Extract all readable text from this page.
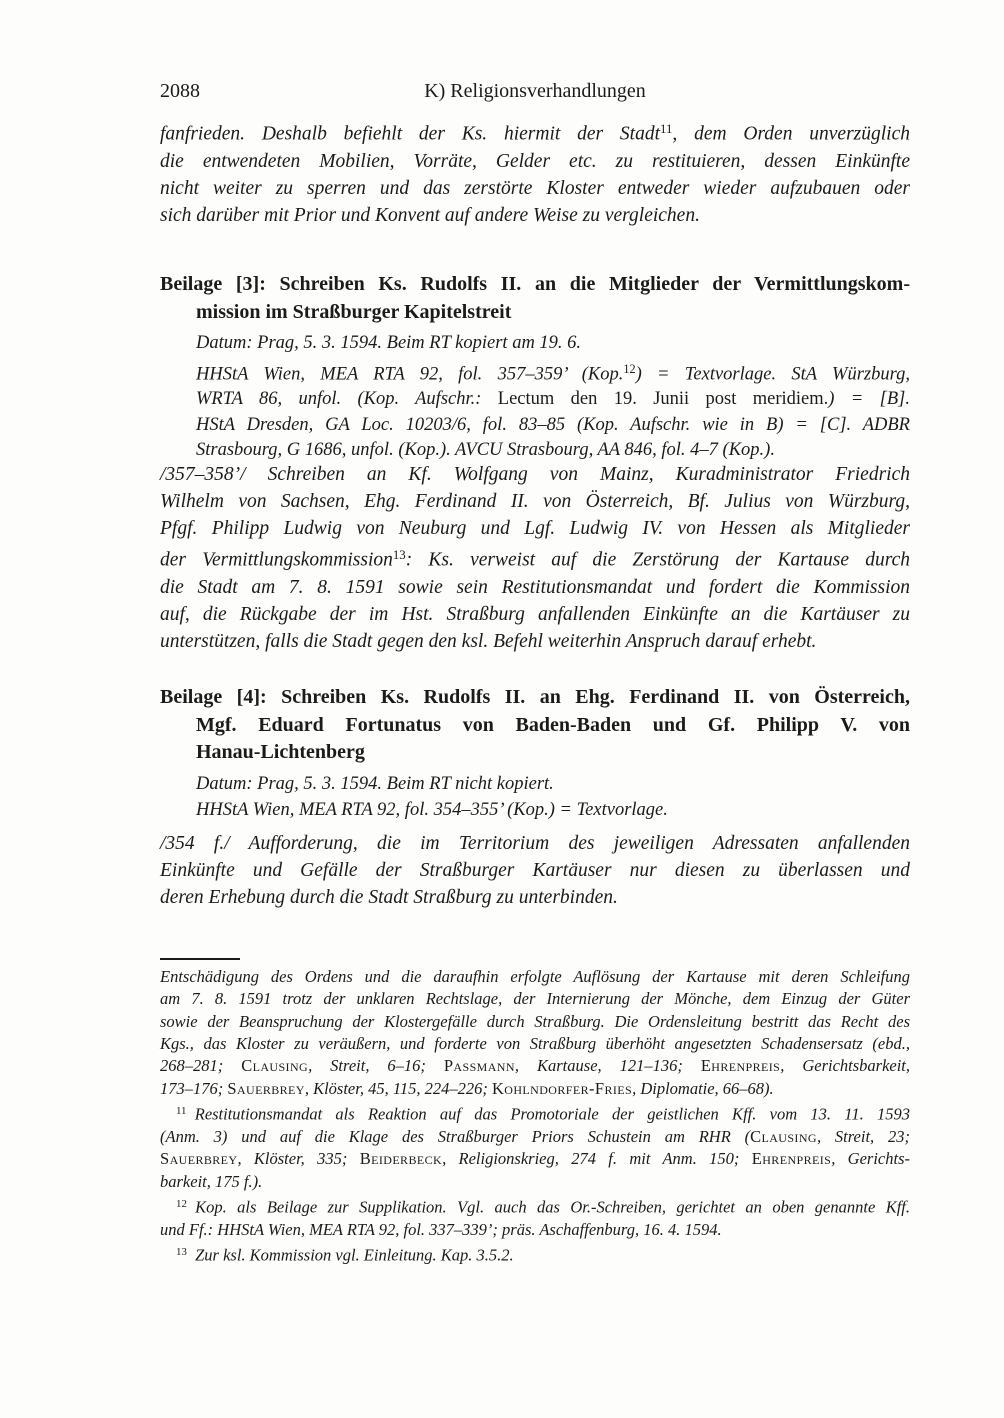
2088	K) Religionsverhandlungen
fanfrieden. Deshalb befiehlt der Ks. hiermit der Stadt$^{11}$, dem Orden unverzüglich
die entwendeten Mobilien, Vorräte, Gelder etc. zu restituieren, dessen Einkünfte
nicht weiter zu sperren und das zerstörte Kloster entweder wieder aufzubauen oder
sich darüber mit Prior und Konvent auf andere Weise zu vergleichen.
Beilage [3]: Schreiben Ks. Rudolfs II. an die Mitglieder der Vermittlungskom-
mission im Straßburger Kapitelstreit
Datum: Prag, 5. 3. 1594. Beim RT kopiert am 19. 6.
HHStA Wien, MEA RTA 92, fol. 357–359’ (Kop.$^{12}$) = Textvorlage. StA Würzburg,
WRTA 86, unfol. (Kop. Aufschr.: Lectum den 19. Junii post meridiem.) = [B].
HStA Dresden, GA Loc. 10203/6, fol. 83–85 (Kop. Aufschr. wie in B) = [C]. ADBR
Strasbourg, G 1686, unfol. (Kop.). AVCU Strasbourg, AA 846, fol. 4–7 (Kop.).
/357–358’/ Schreiben an Kf. Wolfgang von Mainz, Kuradministrator Friedrich
Wilhelm von Sachsen, Ehg. Ferdinand II. von Österreich, Bf. Julius von Würzburg,
Pfgf. Philipp Ludwig von Neuburg und Lgf. Ludwig IV. von Hessen als Mitglieder
der Vermittlungskommission$^{13}$: Ks. verweist auf die Zerstörung der Kartause durch
die Stadt am 7. 8. 1591 sowie sein Restitutionsmandat und fordert die Kommission
auf, die Rückgabe der im Hst. Straßburg anfallenden Einkünfte an die Kartäuser zu
unterstützen, falls die Stadt gegen den ksl. Befehl weiterhin Anspruch darauf erhebt.
Beilage [4]: Schreiben Ks. Rudolfs II. an Ehg. Ferdinand II. von Österreich,
Mgf. Eduard Fortunatus von Baden-Baden und Gf. Philipp V. von
Hanau-Lichtenberg
Datum: Prag, 5. 3. 1594. Beim RT nicht kopiert.
HHStA Wien, MEA RTA 92, fol. 354–355’ (Kop.) = Textvorlage.
/354 f./ Aufforderung, die im Territorium des jeweiligen Adressaten anfallenden
Einkünfte und Gefälle der Straßburger Kartäuser nur diesen zu überlassen und
deren Erhebung durch die Stadt Straßburg zu unterbinden.
Entschädigung des Ordens und die daraufhin erfolgte Auflösung der Kartause mit deren Schleifung
am 7. 8. 1591 trotz der unklaren Rechtslage, der Internierung der Mönche, dem Einzug der Güter
sowie der Beanspruchung der Klostergefälle durch Straßburg. Die Ordensleitung bestritt das Recht des
Kgs., das Kloster zu veräußern, und forderte von Straßburg überhöht angesetzten Schadensersatz (ebd.,
268–281; Clausing, Streit, 6–16; Passmann, Kartause, 121–136; Ehrenpreis, Gerichtsbarkeit,
173–176; Sauerbrey, Klöster, 45, 115, 224–226; Kohlndorfer-Fries, Diplomatie, 66–68).
$^{11}$ Restitutionsmandat als Reaktion auf das Promotoriale der geistlichen Kff. vom 13. 11. 1593
(Anm. 3) und auf die Klage des Straßburger Priors Schustein am RHR (Clausing, Streit, 23;
Sauerbrey, Klöster, 335; Beiderbeck, Religionskrieg, 274 f. mit Anm. 150; Ehrenpreis, Gerichts-
barkeit, 175 f.).
$^{12}$ Kop. als Beilage zur Supplikation. Vgl. auch das Or.-Schreiben, gerichtet an oben genannte Kff.
und Ff.: HHStA Wien, MEA RTA 92, fol. 337–339’; präs. Aschaffenburg, 16. 4. 1594.
$^{13}$ Zur ksl. Kommission vgl. Einleitung. Kap. 3.5.2.
